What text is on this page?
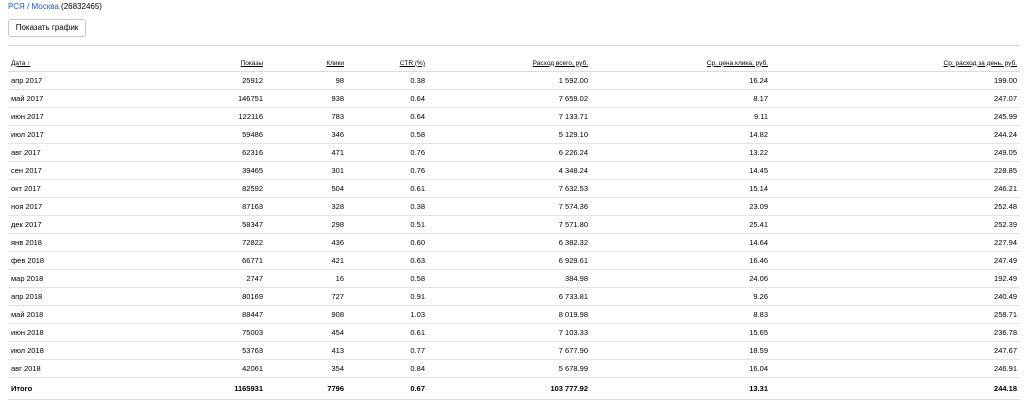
РСЯ / Москва (26832465)
Показать график
Дата ↑	Показы	Клики	CTR (%)	Расход всего, руб.	Ср. цена клика, руб.	Ср. расход за день, руб.
апр 2017	25912	98	0.38	1 592.00	16.24	199.00
май 2017	146751	938	0.64	7 659.02	8.17	247.07
июн 2017	122116	783	0.64	7 133.71	9.11	245.99
июл 2017	59486	346	0.58	5 129.10	14.82	244.24
авг 2017	62316	471	0.76	6 226.24	13.22	249.05
сен 2017	39465	301	0.76	4 348.24	14.45	228.85
окт 2017	82592	504	0.61	7 632.53	15.14	246.21
ноя 2017	87163	328	0.38	7 574.36	23.09	252.48
дек 2017	58347	298	0.51	7 571.80	25.41	252.39
янв 2018	72822	436	0.60	6 382.32	14.64	227.94
фев 2018	66771	421	0.63	6 929.61	16.46	247.49
мар 2018	2747	16	0.58	384.98	24.06	192.49
апр 2018	80169	727	0.91	6 733.81	9.26	240.49
май 2018	88447	908	1.03	8 019.98	8.83	258.71
июн 2018	75003	454	0.61	7 103.33	15.65	236.78
июл 2018	53763	413	0.77	7 677.90	18.59	247.67
авг 2018	42061	354	0.84	5 678.99	16.04	246.91
Итого	1165931	7796	0.67	103 777.92	13.31	244.18
